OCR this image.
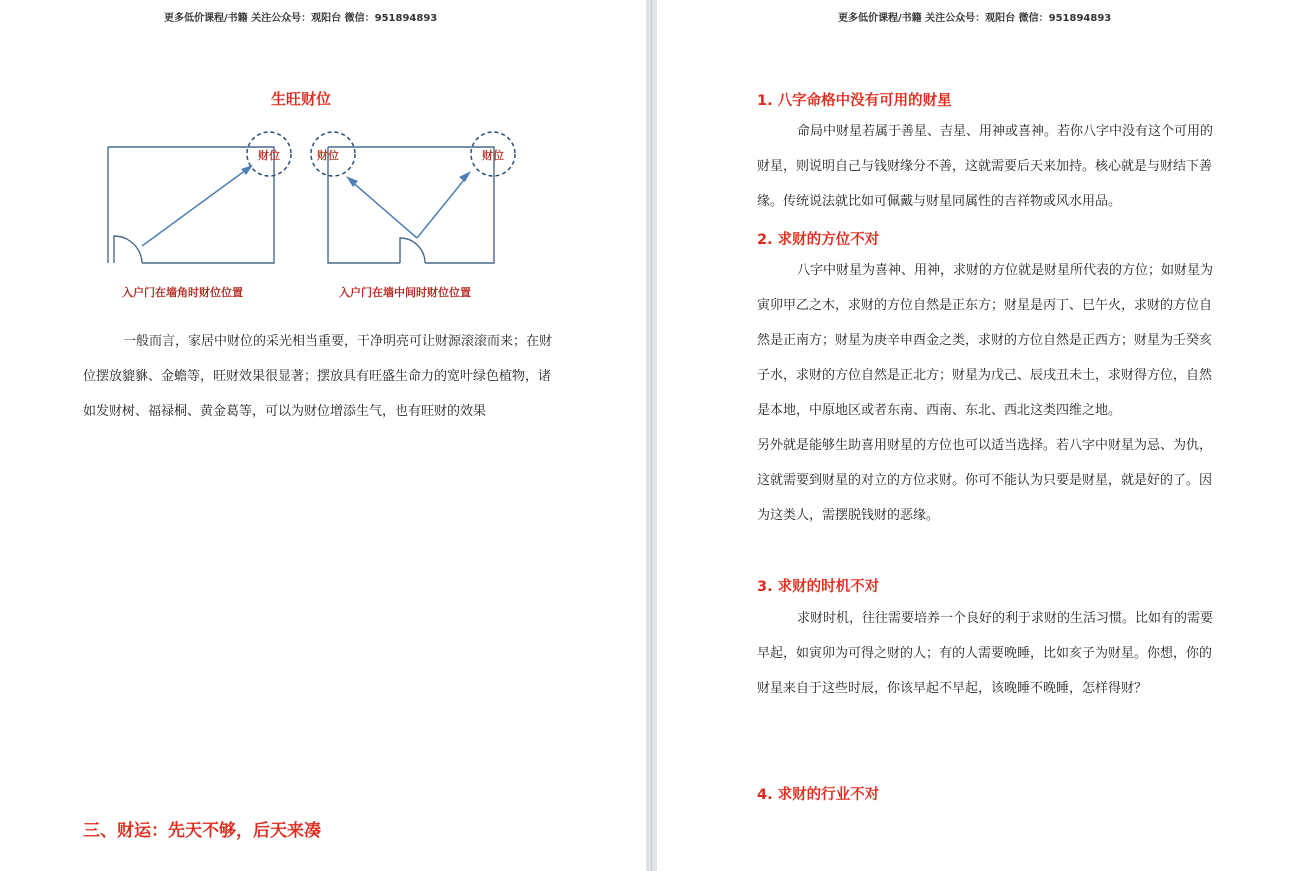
更多低价课程/书籍 关注公众号：观阳台 微信：951894893
生旺财位
财位	财位	财位
入户门在墙角时财位位置	入户门在墙中间时财位位置

一般而言，家居中财位的采光相当重要，干净明亮可让财源滚滚而来；在财位摆放貔貅、金蟾等，旺财效果很显著；摆放具有旺盛生命力的宽叶绿色植物，诸如发财树、福禄桐、黄金葛等，可以为财位增添生气，也有旺财的效果

三、财运：先天不够，后天来凑
更多低价课程/书籍 关注公众号：观阳台 微信：951894893
1. 八字命格中没有可用的财星

命局中财星若属于善星、吉星、用神或喜神。若你八字中没有这个可用的财星，则说明自己与钱财缘分不善，这就需要后天来加持。核心就是与财结下善缘。传统说法就比如可佩戴与财星同属性的吉祥物或风水用品。

2. 求财的方位不对

八字中财星为喜神、用神，求财的方位就是财星所代表的方位；如财星为寅卯甲乙之木，求财的方位自然是正东方；财星是丙丁、巳午火，求财的方位自然是正南方；财星为庚辛申酉金之类，求财的方位自然是正西方；财星为壬癸亥子水，求财的方位自然是正北方；财星为戊己、辰戌丑未土，求财得方位，自然是本地，中原地区或者东南、西南、东北、西北这类四维之地。

另外就是能够生助喜用财星的方位也可以适当选择。若八字中财星为忌、为仇，这就需要到财星的对立的方位求财。你可不能认为只要是财星，就是好的了。因为这类人，需摆脱钱财的恶缘。

3. 求财的时机不对

求财时机，往往需要培养一个良好的利于求财的生活习惯。比如有的需要早起，如寅卯为可得之财的人；有的人需要晚睡，比如亥子为财星。你想，你的财星来自于这些时辰，你该早起不早起，该晚睡不晚睡，怎样得财？

4. 求财的行业不对
